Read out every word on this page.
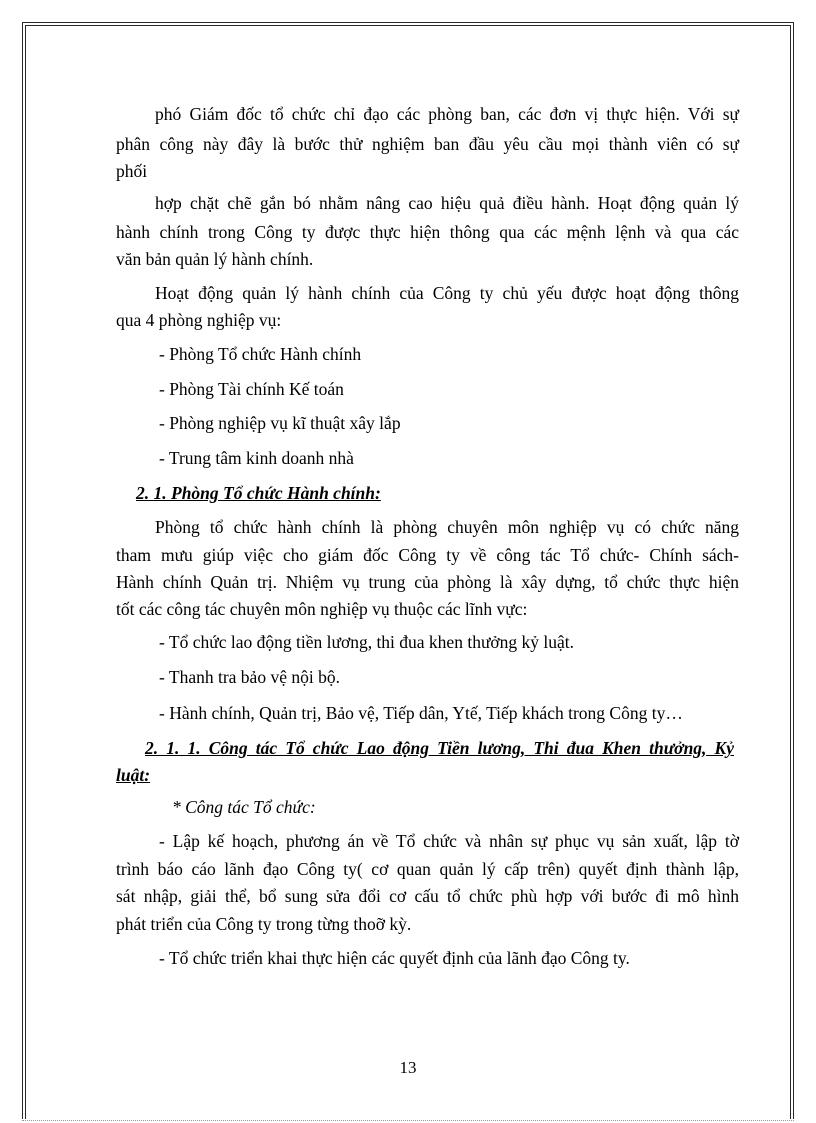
phó Giám đốc tổ chức chỉ đạo các phòng ban, các đơn vị thực hiện. Với sự
phân công này đây là bước thử nghiệm ban đầu yêu cầu mọi thành viên có sự
phối
hợp chặt chẽ gắn bó nhằm nâng cao hiệu quả điều hành. Hoạt động quản lý
hành chính trong Công ty được thực hiện thông qua các mệnh lệnh và qua các
văn bản quản lý hành chính.
Hoạt động quản lý hành chính của Công ty chủ yếu được hoạt động thông
qua 4 phòng nghiệp vụ:
- Phòng Tổ chức Hành chính
- Phòng Tài chính Kế toán
- Phòng nghiệp vụ kĩ thuật xây lắp
- Trung tâm kinh doanh nhà
2. 1. Phòng Tổ chức Hành chính:
Phòng tổ chức hành chính là phòng chuyên môn nghiệp vụ có chức năng
tham mưu giúp việc cho giám đốc Công ty về công tác Tổ chức- Chính sách-
Hành chính Quản trị. Nhiệm vụ trung của phòng là xây dựng, tổ chức thực hiện
tốt các công tác chuyên môn nghiệp vụ thuộc các lĩnh vực:
- Tổ chức lao động tiền lương, thi đua khen thưởng kỷ luật.
- Thanh tra bảo vệ nội bộ.
- Hành chính, Quản trị, Bảo vệ, Tiếp dân, Ytế, Tiếp khách trong Công ty…
2. 1. 1. Công tác Tổ chức Lao động Tiền lương, Thi đua Khen thưởng, Kỷ
luật:
* Công tác Tổ chức:
- Lập kế hoạch, phương án về Tổ chức và nhân sự phục vụ sản xuất, lập tờ
trình báo cáo lãnh đạo Công ty( cơ quan quản lý cấp trên) quyết định thành lập,
sát nhập, giải thể, bổ sung sửa đổi cơ cấu tổ chức phù hợp với bước đi mô hình
phát triển của Công ty trong từng thoỡ kỳ.
- Tổ chức triển khai thực hiện các quyết định của lãnh đạo Công ty.
13
